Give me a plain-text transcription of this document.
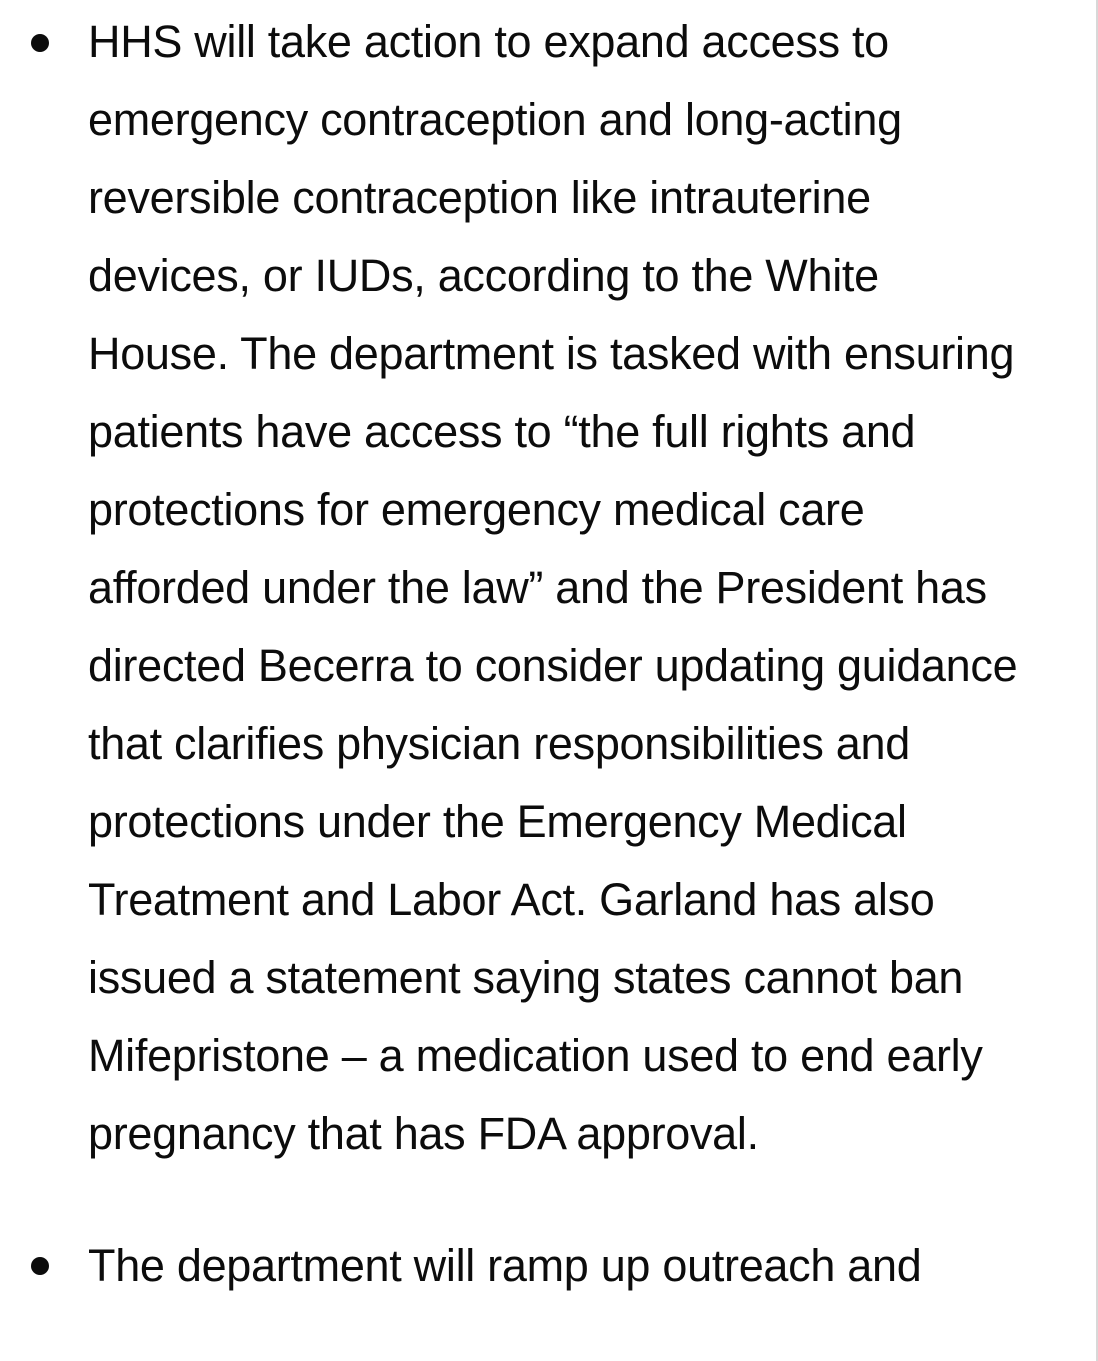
HHS will take action to expand access to emergency contraception and long-acting reversible contraception like intrauterine devices, or IUDs, according to the White House. The department is tasked with ensuring patients have access to “the full rights and protections for emergency medical care afforded under the law” and the President has directed Becerra to consider updating guidance that clarifies physician responsibilities and protections under the Emergency Medical Treatment and Labor Act. Garland has also issued a statement saying states cannot ban Mifepristone – a medication used to end early pregnancy that has FDA approval.
The department will ramp up outreach and
